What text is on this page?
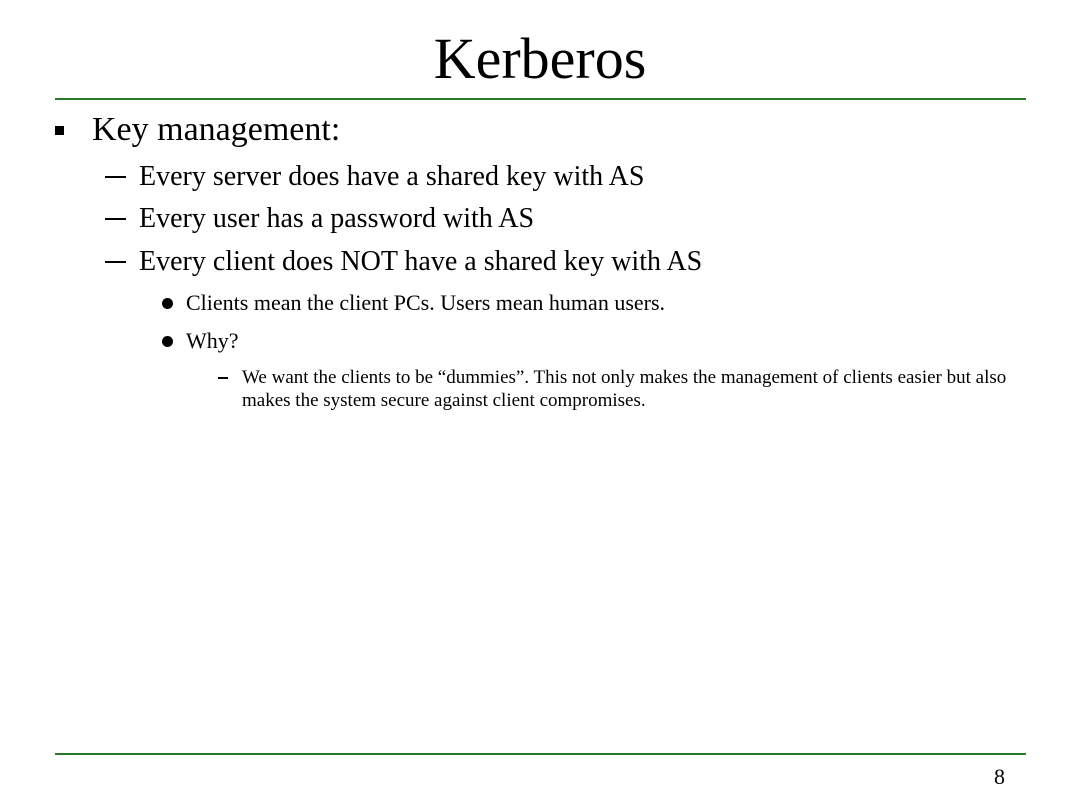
Kerberos
Key management:
Every server does have a shared key with AS
Every user has a password with AS
Every client does NOT have a shared key with AS
Clients mean the client PCs. Users mean human users.
Why?
We want the clients to be “dummies”. This not only makes the management of clients easier but also makes the system secure against client compromises.
8
